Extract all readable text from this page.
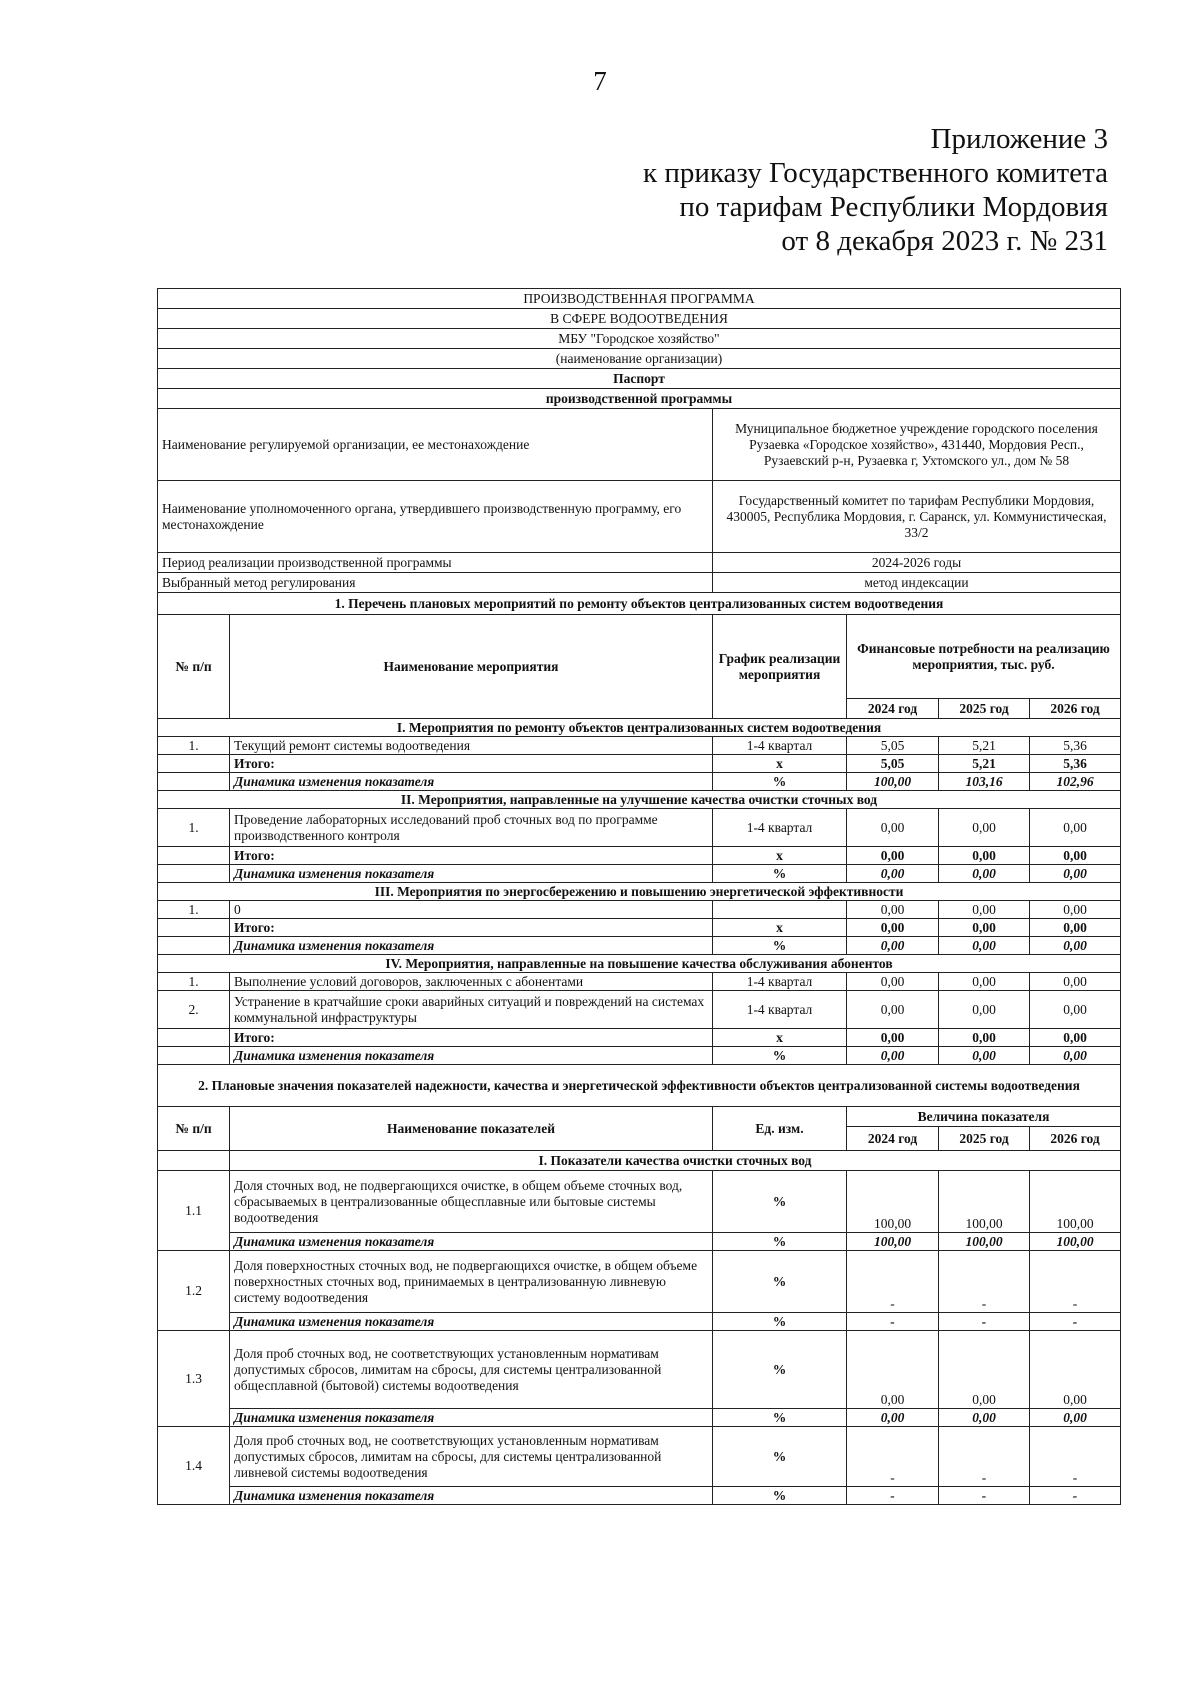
7
Приложение 3
к приказу Государственного комитета
по тарифам Республики Мордовия
от 8 декабря 2023 г. № 231
ПРОИЗВОДСТВЕННАЯ ПРОГРАММА					
В СФЕРЕ ВОДООТВЕДЕНИЯ					
МБУ "Городское хозяйство"					
(наименование организации)					
Паспорт					
производственной программы					
Наименование регулируемой организации, ее местонахождение		Муниципальное бюджетное учреждение городского поселения Рузаевка «Городское хозяйство», 431440, Мордовия Респ., Рузаевский р-н, Рузаевка г, Ухтомского ул., дом № 58			
Наименование уполномоченного органа, утвердившего производственную программу, его местонахождение		Государственный комитет по тарифам Республики Мордовия, 430005, Республика Мордовия, г. Саранск, ул. Коммунистическая, 33/2			
Период реализации производственной программы		2024-2026 годы			
Выбранный метод регулирования		метод индексации			
1. Перечень плановых мероприятий по ремонту объектов централизованных систем водоотведения					
№ п/п	Наименование мероприятия	График реализации мероприятия	Финансовые потребности на реализацию мероприятия, тыс. руб.		
			2024 год	2025 год	2026 год
I. Мероприятия по ремонту объектов централизованных систем водоотведения					
1.	Текущий ремонт системы водоотведения	1-4 квартал	5,05	5,21	5,36
	Итого:	х	5,05	5,21	5,36
	Динамика изменения показателя	%	100,00	103,16	102,96
II. Мероприятия, направленные на улучшение качества очистки сточных вод					
1.	Проведение лабораторных исследований проб сточных вод по программе производственного контроля	1-4 квартал	0,00	0,00	0,00
	Итого:	х	0,00	0,00	0,00
	Динамика изменения показателя	%	0,00	0,00	0,00
III. Мероприятия по энергосбережению и повышению энергетической эффективности					
1.	0		0,00	0,00	0,00
	Итого:	х	0,00	0,00	0,00
	Динамика изменения показателя	%	0,00	0,00	0,00
IV. Мероприятия, направленные на повышение качества обслуживания абонентов					
1.	Выполнение условий договоров, заключенных с абонентами	1-4 квартал	0,00	0,00	0,00
2.	Устранение в кратчайшие сроки аварийных ситуаций и повреждений на системах коммунальной инфраструктуры	1-4 квартал	0,00	0,00	0,00
	Итого:	х	0,00	0,00	0,00
	Динамика изменения показателя	%	0,00	0,00	0,00
2. Плановые значения показателей надежности, качества и энергетической эффективности объектов централизованной системы водоотведения					
№ п/п	Наименование показателей	Ед. изм.	Величина показателя		
			2024 год	2025 год	2026 год
	I. Показатели качества очистки сточных вод				
1.1	Доля сточных вод, не подвергающихся очистке, в общем объеме сточных вод, сбрасываемых в централизованные общесплавные или бытовые системы водоотведения	%	100,00	100,00	100,00
	Динамика изменения показателя	%	100,00	100,00	100,00
1.2	Доля поверхностных сточных вод, не подвергающихся очистке, в общем объеме поверхностных сточных вод, принимаемых в централизованную ливневую систему водоотведения	%	-	-	-
	Динамика изменения показателя	%	-	-	-
1.3	Доля проб сточных вод, не соответствующих установленным нормативам допустимых сбросов, лимитам на сбросы, для системы централизованной общесплавной (бытовой) системы водоотведения	%	0,00	0,00	0,00
	Динамика изменения показателя	%	0,00	0,00	0,00
1.4	Доля проб сточных вод, не соответствующих установленным нормативам допустимых сбросов, лимитам на сбросы, для системы централизованной ливневой системы водоотведения	%	-	-	-
	Динамика изменения показателя	%	-	-	-
